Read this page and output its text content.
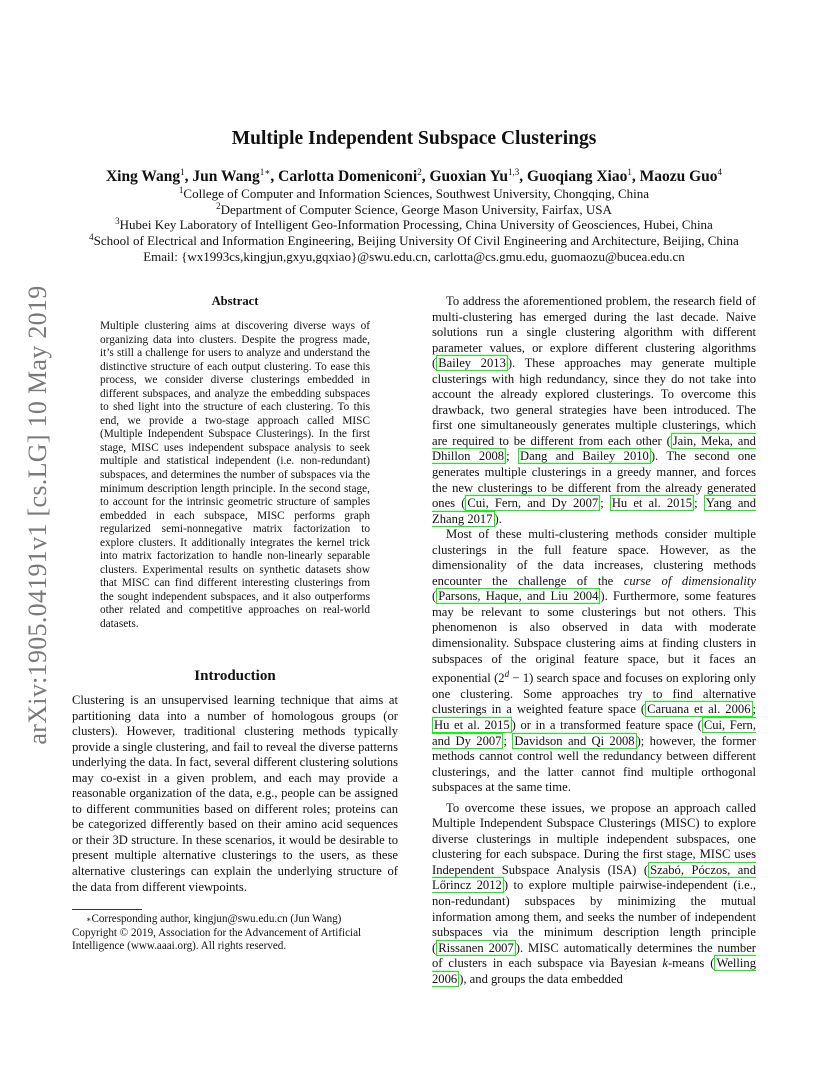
arXiv:1905.04191v1 [cs.LG] 10 May 2019
Multiple Independent Subspace Clusterings
Xing Wang$^1$, Jun Wang$^{1∗}$, Carlotta Domeniconi$^2$, Guoxian Yu$^{1,3}$, Guoqiang Xiao$^1$, Maozu Guo$^4$
$^1$College of Computer and Information Sciences, Southwest University, Chongqing, China
$^2$Department of Computer Science, George Mason University, Fairfax, USA
$^3$Hubei Key Laboratory of Intelligent Geo-Information Processing, China University of Geosciences, Hubei, China
$^4$School of Electrical and Information Engineering, Beijing University Of Civil Engineering and Architecture, Beijing, China
Email: {wx1993cs,kingjun,gxyu,gqxiao}@swu.edu.cn, carlotta@cs.gmu.edu, guomaozu@bucea.edu.cn
Abstract
Multiple clustering aims at discovering diverse ways of organizing data into clusters. Despite the progress made, it’s still a challenge for users to analyze and understand the distinctive structure of each output clustering. To ease this process, we consider diverse clusterings embedded in different subspaces, and analyze the embedding subspaces to shed light into the structure of each clustering. To this end, we provide a two-stage approach called MISC (Multiple Independent Subspace Clusterings). In the first stage, MISC uses independent subspace analysis to seek multiple and statistical independent (i.e. non-redundant) subspaces, and determines the number of subspaces via the minimum description length principle. In the second stage, to account for the intrinsic geometric structure of samples embedded in each subspace, MISC performs graph regularized semi-nonnegative matrix factorization to explore clusters. It additionally integrates the kernel trick into matrix factorization to handle non-linearly separable clusters. Experimental results on synthetic datasets show that MISC can find different interesting clusterings from the sought independent subspaces, and it also outperforms other related and competitive approaches on real-world datasets.
Introduction

Clustering is an unsupervised learning technique that aims at partitioning data into a number of homologous groups (or clusters). However, traditional clustering methods typically provide a single clustering, and fail to reveal the diverse patterns underlying the data. In fact, several different clustering solutions may co-exist in a given problem, and each may provide a reasonable organization of the data, e.g., people can be assigned to different communities based on different roles; proteins can be categorized differently based on their amino acid sequences or their 3D structure. In these scenarios, it would be desirable to present multiple alternative clusterings to the users, as these alternative clusterings can explain the underlying structure of the data from different viewpoints.

∗Corresponding author, kingjun@swu.edu.cn (Jun Wang)
Copyright © 2019, Association for the Advancement of Artificial Intelligence (www.aaai.org). All rights reserved.

To address the aforementioned problem, the research field of multi-clustering has emerged during the last decade. Naive solutions run a single clustering algorithm with different parameter values, or explore different clustering algorithms ( Bailey 2013 ). These approaches may generate multiple clusterings with high redundancy, since they do not take into account the already explored clusterings. To overcome this drawback, two general strategies have been introduced. The first one simultaneously generates multiple clusterings, which are required to be different from each other ( Jain, Meka, and Dhillon 2008 ; Dang and Bailey 2010 ). The second one generates multiple clusterings in a greedy manner, and forces the new clusterings to be different from the already generated ones ( Cui, Fern, and Dy 2007 ; Hu et al. 2015 ; Yang and Zhang 2017 ).

Most of these multi-clustering methods consider multiple clusterings in the full feature space. However, as the dimensionality of the data increases, clustering methods encounter the challenge of the curse of dimensionality ( Parsons, Haque, and Liu 2004 ). Furthermore, some features may be relevant to some clusterings but not others. This phenomenon is also observed in data with moderate dimensionality. Subspace clustering aims at finding clusters in subspaces of the original feature space, but it faces an exponential $(2^d - 1)$ search space and focuses on exploring only one clustering. Some approaches try to find alternative clusterings in a weighted feature space ( Caruana et al. 2006 ; Hu et al. 2015 ) or in a transformed feature space ( Cui, Fern, and Dy 2007 ; Davidson and Qi 2008 ); however, the former methods cannot control well the redundancy between different clusterings, and the latter cannot find multiple orthogonal subspaces at the same time.

To overcome these issues, we propose an approach called Multiple Independent Subspace Clusterings (MISC) to explore diverse clusterings in multiple independent subspaces, one clustering for each subspace. During the first stage, MISC uses Independent Subspace Analysis (ISA) ( Szabó, Póczos, and Lőrincz 2012 ) to explore multiple pairwise-independent (i.e., non-redundant) subspaces by minimizing the mutual information among them, and seeks the number of independent subspaces via the minimum description length principle ( Rissanen 2007 ). MISC automatically determines the number of clusters in each subspace via Bayesian k-means ( Welling 2006 ), and groups the data embedded
